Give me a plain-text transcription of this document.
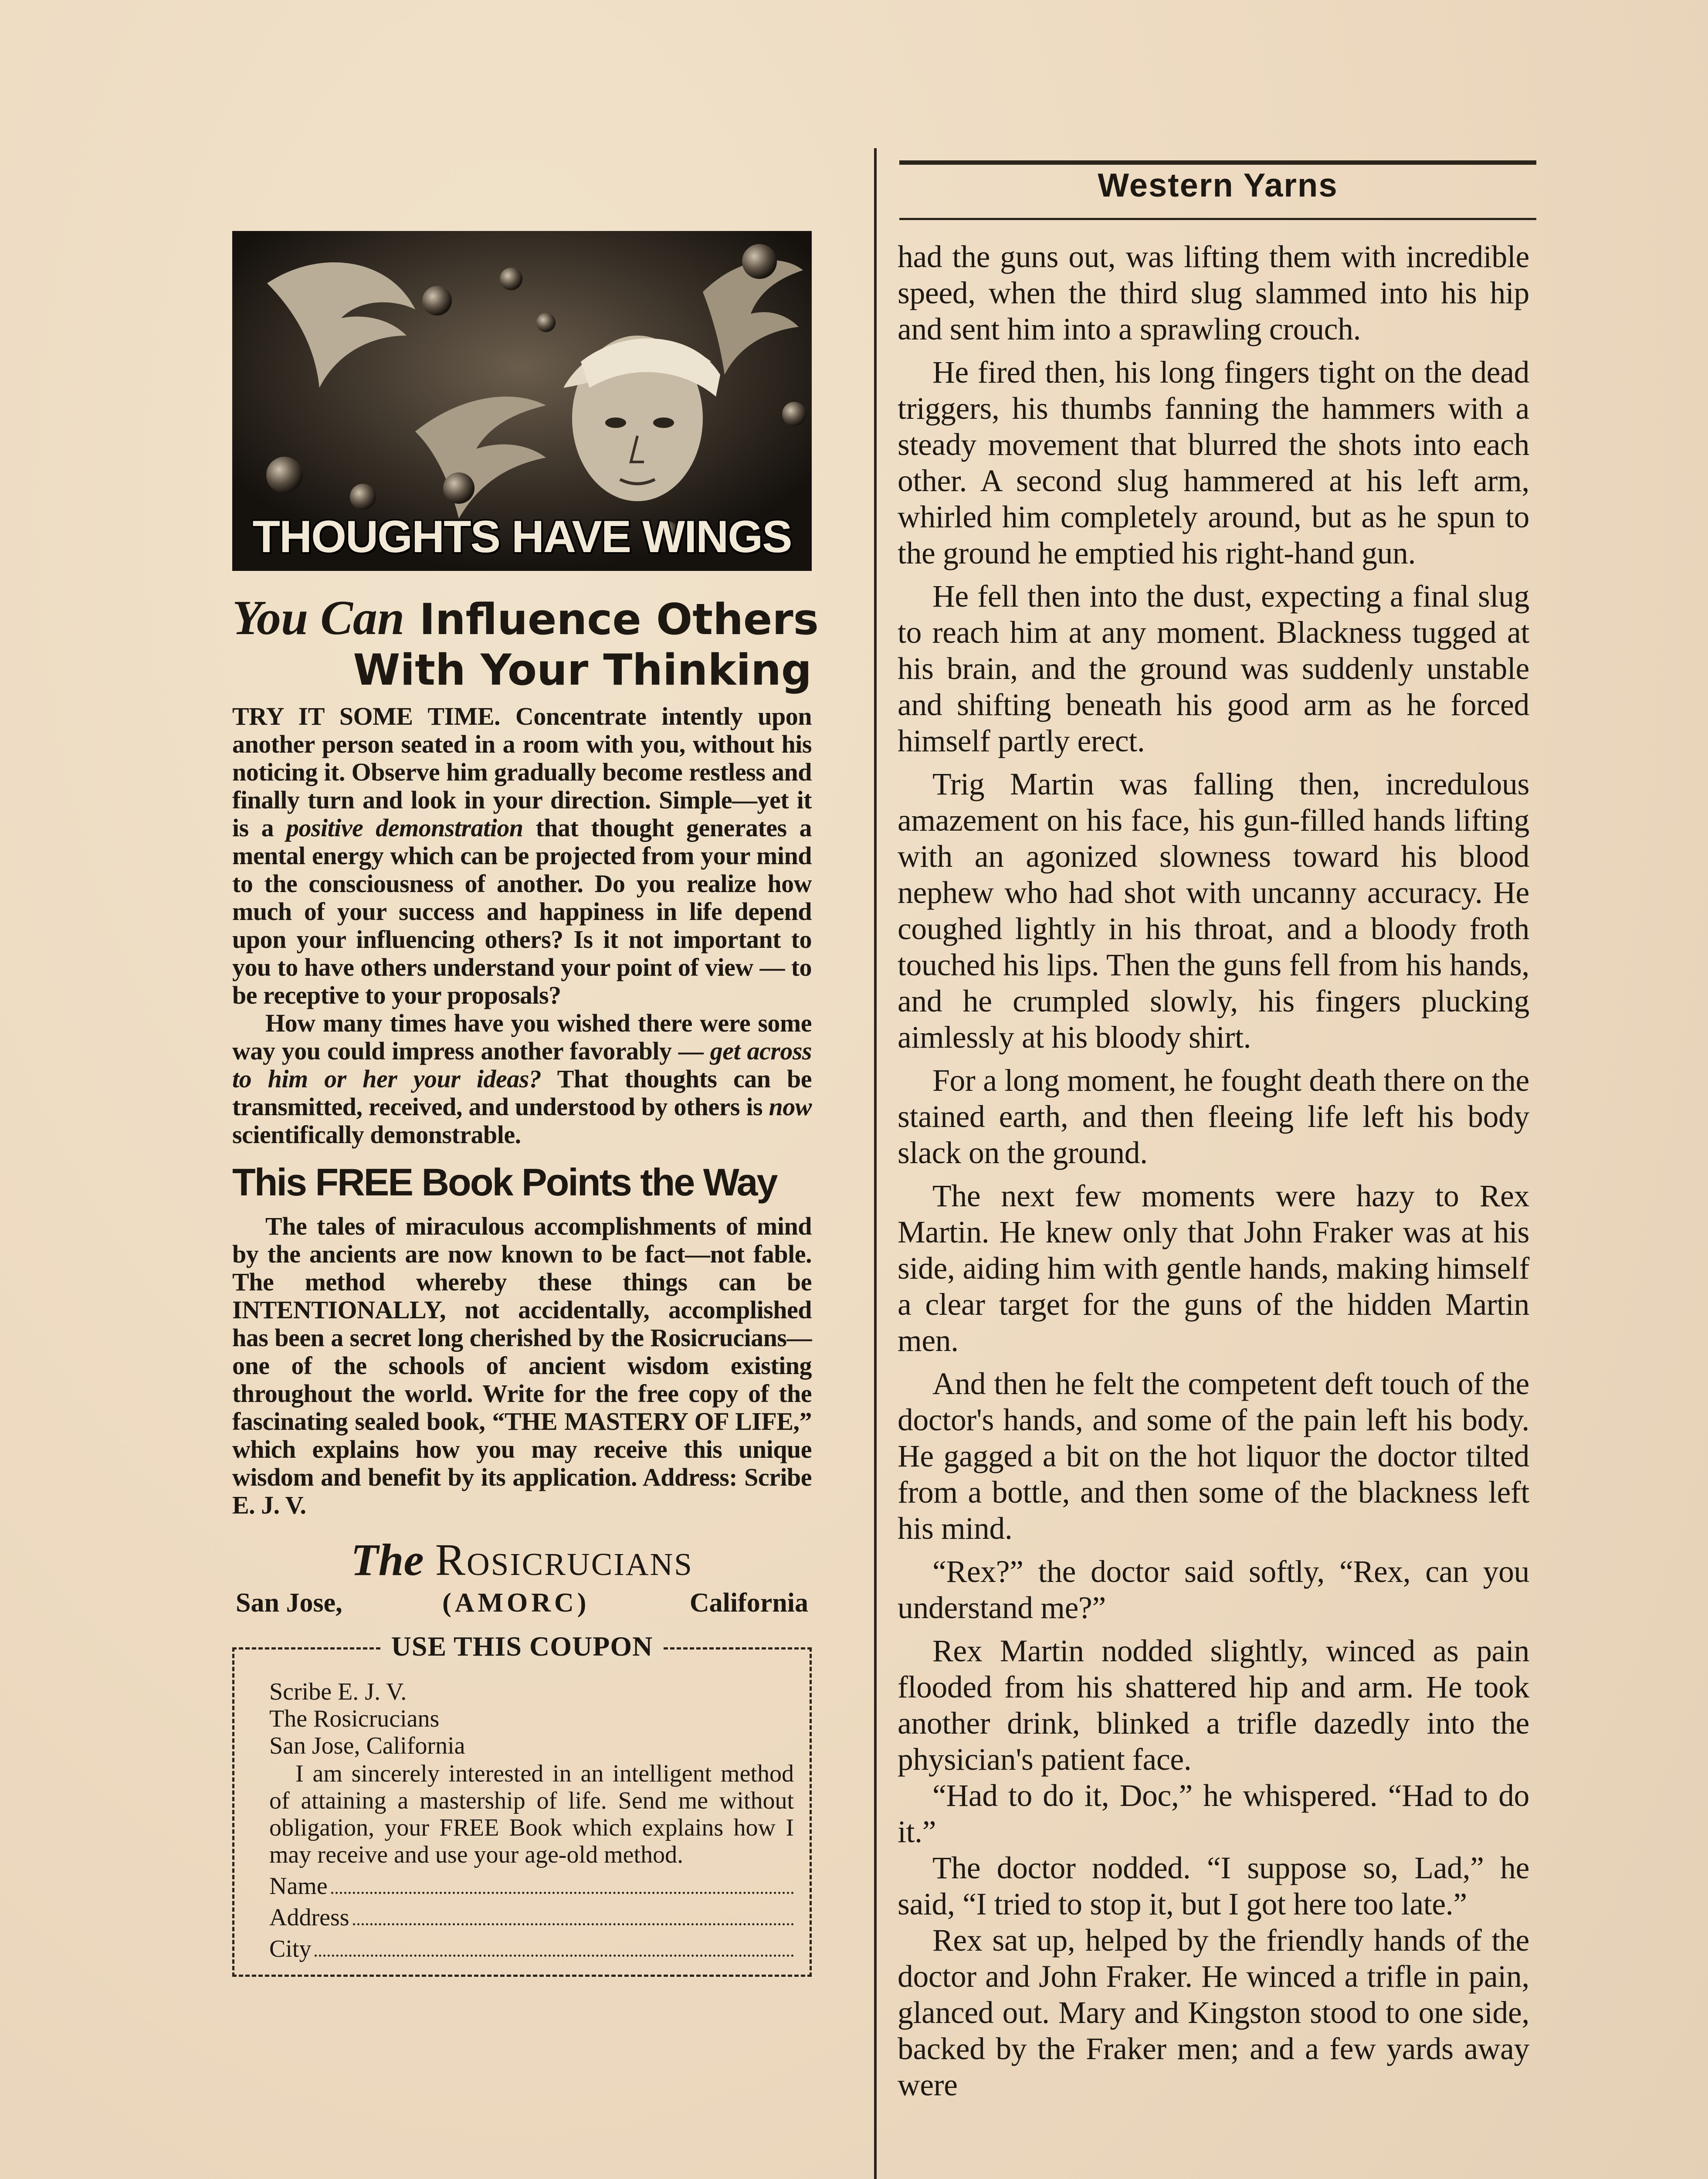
THOUGHTS HAVE WINGS
You Can Influence Others
With Your Thinking

TRY IT SOME TIME. Concentrate intently upon another person seated in a room with you, without his noticing it. Observe him gradually become restless and finally turn and look in your direction. Simple—yet it is a positive demonstration that thought generates a mental energy which can be projected from your mind to the consciousness of another. Do you realize how much of your success and happiness in life depend upon your influencing others? Is it not important to you to have others understand your point of view — to be receptive to your proposals?

How many times have you wished there were some way you could impress another favorably — get across to him or her your ideas? That thoughts can be transmitted, received, and understood by others is now scientifically demonstrable.

This FREE Book Points the Way

The tales of miraculous accomplishments of mind by the ancients are now known to be fact—not fable. The method whereby these things can be INTENTIONALLY, not accidentally, accomplished has been a secret long cherished by the Rosicrucians—one of the schools of ancient wisdom existing throughout the world. Write for the free copy of the fascinating sealed book, “THE MASTERY OF LIFE,” which explains how you may receive this unique wisdom and benefit by its application. Address: Scribe E. J. V.

The Rosicrucians
San Jose,	(AMORC)	California
USE THIS COUPON
Scribe E. J. V.
The Rosicrucians
San Jose, California
I am sincerely interested in an intelligent method of attaining a mastership of life. Send me without obligation, your FREE Book which explains how I may receive and use your age-old method.
Name
Address
City
Western Yarns

had the guns out, was lifting them with incredible speed, when the third slug slammed into his hip and sent him into a sprawling crouch.

He fired then, his long fingers tight on the dead triggers, his thumbs fanning the hammers with a steady movement that blurred the shots into each other. A second slug hammered at his left arm, whirled him completely around, but as he spun to the ground he emptied his right-hand gun.

He fell then into the dust, expecting a final slug to reach him at any moment. Blackness tugged at his brain, and the ground was suddenly unstable and shifting beneath his good arm as he forced himself partly erect.

Trig Martin was falling then, incredulous amazement on his face, his gun-filled hands lifting with an agonized slowness toward his blood nephew who had shot with uncanny accuracy. He coughed lightly in his throat, and a bloody froth touched his lips. Then the guns fell from his hands, and he crumpled slowly, his fingers plucking aimlessly at his bloody shirt.

For a long moment, he fought death there on the stained earth, and then fleeing life left his body slack on the ground.

The next few moments were hazy to Rex Martin. He knew only that John Fraker was at his side, aiding him with gentle hands, making himself a clear target for the guns of the hidden Martin men.

And then he felt the competent deft touch of the doctor's hands, and some of the pain left his body. He gagged a bit on the hot liquor the doctor tilted from a bottle, and then some of the blackness left his mind.

“Rex?” the doctor said softly, “Rex, can you understand me?”

Rex Martin nodded slightly, winced as pain flooded from his shattered hip and arm. He took another drink, blinked a trifle dazedly into the physician's patient face.

“Had to do it, Doc,” he whispered. “Had to do it.”

The doctor nodded. “I suppose so, Lad,” he said, “I tried to stop it, but I got here too late.”

Rex sat up, helped by the friendly hands of the doctor and John Fraker. He winced a trifle in pain, glanced out. Mary and Kingston stood to one side, backed by the Fraker men; and a few yards away were
